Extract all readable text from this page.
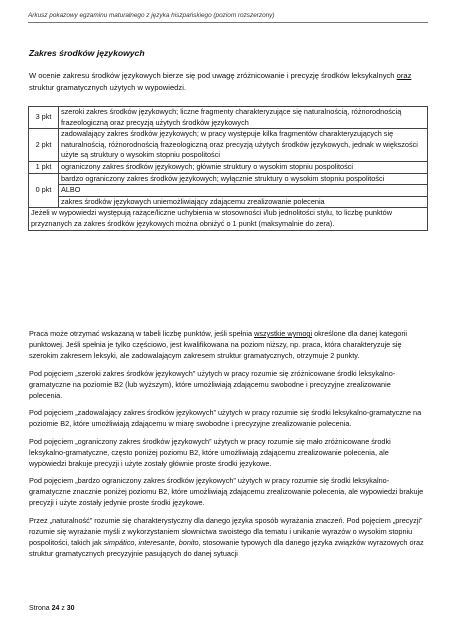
Arkusz pokazowy egzaminu maturalnego z języka hiszpańskiego (poziom rozszerzony)
Zakres środków językowych
W ocenie zakresu środków językowych bierze się pod uwagę zróżnicowanie i precyzję środków leksykalnych oraz struktur gramatycznych użytych w wypowiedzi.
3 pkt	szeroki zakres środków językowych; liczne fragmenty charakteryzujące się naturalnością, różnorodnością frazeologiczną oraz precyzją użytych środków językowych
2 pkt	zadowalający zakres środków językowych; w pracy występuje kilka fragmentów charakteryzujących się naturalnością, różnorodnością frazeologiczną oraz precyzją użytych środków językowych, jednak w większości użyte są struktury o wysokim stopniu pospolitości
1 pkt	ograniczony zakres środków językowych; głównie struktury o wysokim stopniu pospolitości
0 pkt	bardzo ograniczony zakres środków językowych; wyłącznie struktury o wysokim stopniu pospolitości
	ALBO
	zakres środków językowych uniemożliwiający zdającemu zrealizowanie polecenia
Jeżeli w wypowiedzi występują rażące/liczne uchybienia w stosowności i/lub jednolitości stylu, to liczbę punktów przyznanych za zakres środków językowych można obniżyć o 1 punkt (maksymalnie do zera).	

Praca może otrzymać wskazaną w tabeli liczbę punktów, jeśli spełnia wszystkie wymogi określone dla danej kategorii punktowej. Jeśli spełnia je tylko częściowo, jest kwalifikowana na poziom niższy, np. praca, która charakteryzuje się szerokim zakresem leksyki, ale zadowalającym zakresem struktur gramatycznych, otrzymuje 2 punkty.

Pod pojęciem „szeroki zakres środków językowych” użytych w pracy rozumie się zróżnicowane środki leksykalno-gramatyczne na poziomie B2 (lub wyższym), które umożliwiają zdającemu swobodne i precyzyjne zrealizowanie polecenia.

Pod pojęciem „zadowalający zakres środków językowych” użytych w pracy rozumie się środki leksykalno-gramatyczne na poziomie B2, które umożliwiają zdającemu w miarę swobodne i precyzyjne zrealizowanie polecenia.

Pod pojęciem „ograniczony zakres środków językowych” użytych w pracy rozumie się mało zróżnicowane środki leksykalno-gramatyczne, często poniżej poziomu B2, które umożliwiają zdającemu zrealizowanie polecenia, ale wypowiedzi brakuje precyzji i użyte zostały głównie proste środki językowe.

Pod pojęciem „bardzo ograniczony zakres środków językowych” użytych w pracy rozumie się środki leksykalno-gramatyczne znacznie poniżej poziomu B2, które umożliwiają zdającemu zrealizowanie polecenia, ale wypowiedzi brakuje precyzji i użyte zostały jedynie proste środki językowe.

Przez „naturalność” rozumie się charakterystyczny dla danego języka sposób wyrażania znaczeń. Pod pojęciem „precyzji” rozumie się wyrażanie myśli z wykorzystaniem słownictwa swoistego dla tematu i unikanie wyrazów o wysokim stopniu pospolitości, takich jak simpático, interesante, bonito, stosowanie typowych dla danego języka związków wyrazowych oraz struktur gramatycznych precyzyjnie pasujących do danej sytuacji

Strona 24 z 30
